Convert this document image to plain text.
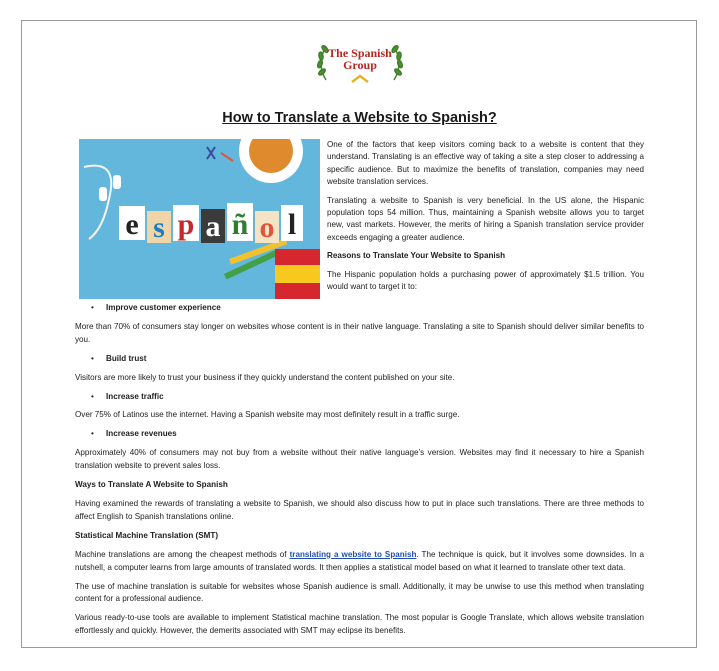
The Spanish
Group
How to Translate a Website to Spanish?
e s p a ñ o l

One of the factors that keep visitors coming back to a website is content that they understand. Translating is an effective way of taking a site a step closer to addressing a specific audience. But to maximize the benefits of translation, companies may need website translation services.

Translating a website to Spanish is very beneficial. In the US alone, the Hispanic population tops 54 million. Thus, maintaining a Spanish website allows you to target new, vast markets. However, the merits of hiring a Spanish translation service provider exceeds engaging a greater audience.

Reasons to Translate Your Website to Spanish

The Hispanic population holds a purchasing power of approximately $1.5 trillion. You would want to target it to:

• Improve customer experience

More than 70% of consumers stay longer on websites whose content is in their native language. Translating a site to Spanish should deliver similar benefits to you.

• Build trust

Visitors are more likely to trust your business if they quickly understand the content published on your site.

• Increase traffic

Over 75% of Latinos use the internet. Having a Spanish website may most definitely result in a traffic surge.

• Increase revenues

Approximately 40% of consumers may not buy from a website without their native language’s version. Websites may find it necessary to hire a Spanish translation website to prevent sales loss.

Ways to Translate A Website to Spanish

Having examined the rewards of translating a website to Spanish, we should also discuss how to put in place such translations. There are three methods to affect English to Spanish translations online.

Statistical Machine Translation (SMT)

Machine translations are among the cheapest methods of translating a website to Spanish. The technique is quick, but it involves some downsides. In a nutshell, a computer learns from large amounts of translated words. It then applies a statistical model based on what it learned to translate other text data.

The use of machine translation is suitable for websites whose Spanish audience is small. Additionally, it may be unwise to use this method when translating content for a professional audience.

Various ready-to-use tools are available to implement Statistical machine translation. The most popular is Google Translate, which allows website translation effortlessly and quickly. However, the demerits associated with SMT may eclipse its benefits.
